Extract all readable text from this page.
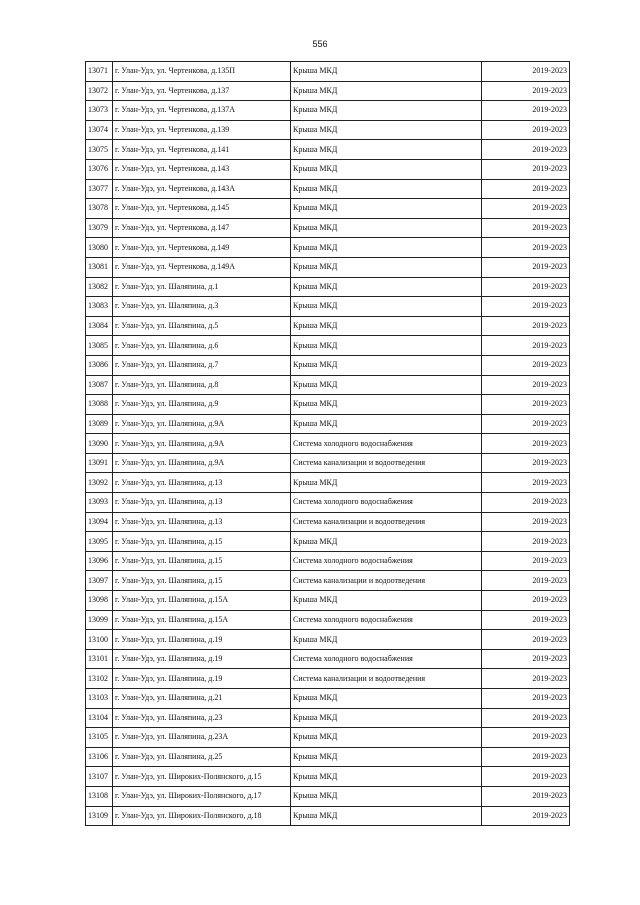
556
13071	г. Улан-Удэ, ул. Чертенкова, д.135П	Крыша МКД	2019-2023
13072	г. Улан-Удэ, ул. Чертенкова, д.137	Крыша МКД	2019-2023
13073	г. Улан-Удэ, ул. Чертенкова, д.137А	Крыша МКД	2019-2023
13074	г. Улан-Удэ, ул. Чертенкова, д.139	Крыша МКД	2019-2023
13075	г. Улан-Удэ, ул. Чертенкова, д.141	Крыша МКД	2019-2023
13076	г. Улан-Удэ, ул. Чертенкова, д.143	Крыша МКД	2019-2023
13077	г. Улан-Удэ, ул. Чертенкова, д.143А	Крыша МКД	2019-2023
13078	г. Улан-Удэ, ул. Чертенкова, д.145	Крыша МКД	2019-2023
13079	г. Улан-Удэ, ул. Чертенкова, д.147	Крыша МКД	2019-2023
13080	г. Улан-Удэ, ул. Чертенкова, д.149	Крыша МКД	2019-2023
13081	г. Улан-Удэ, ул. Чертенкова, д.149А	Крыша МКД	2019-2023
13082	г. Улан-Удэ, ул. Шаляпина, д.1	Крыша МКД	2019-2023
13083	г. Улан-Удэ, ул. Шаляпина, д.3	Крыша МКД	2019-2023
13084	г. Улан-Удэ, ул. Шаляпина, д.5	Крыша МКД	2019-2023
13085	г. Улан-Удэ, ул. Шаляпина, д.6	Крыша МКД	2019-2023
13086	г. Улан-Удэ, ул. Шаляпина, д.7	Крыша МКД	2019-2023
13087	г. Улан-Удэ, ул. Шаляпина, д.8	Крыша МКД	2019-2023
13088	г. Улан-Удэ, ул. Шаляпина, д.9	Крыша МКД	2019-2023
13089	г. Улан-Удэ, ул. Шаляпина, д.9А	Крыша МКД	2019-2023
13090	г. Улан-Удэ, ул. Шаляпина, д.9А	Система холодного водоснабжения	2019-2023
13091	г. Улан-Удэ, ул. Шаляпина, д.9А	Система канализации и водоотведения	2019-2023
13092	г. Улан-Удэ, ул. Шаляпина, д.13	Крыша МКД	2019-2023
13093	г. Улан-Удэ, ул. Шаляпина, д.13	Система холодного водоснабжения	2019-2023
13094	г. Улан-Удэ, ул. Шаляпина, д.13	Система канализации и водоотведения	2019-2023
13095	г. Улан-Удэ, ул. Шаляпина, д.15	Крыша МКД	2019-2023
13096	г. Улан-Удэ, ул. Шаляпина, д.15	Система холодного водоснабжения	2019-2023
13097	г. Улан-Удэ, ул. Шаляпина, д.15	Система канализации и водоотведения	2019-2023
13098	г. Улан-Удэ, ул. Шаляпина, д.15А	Крыша МКД	2019-2023
13099	г. Улан-Удэ, ул. Шаляпина, д.15А	Система холодного водоснабжения	2019-2023
13100	г. Улан-Удэ, ул. Шаляпина, д.19	Крыша МКД	2019-2023
13101	г. Улан-Удэ, ул. Шаляпина, д.19	Система холодного водоснабжения	2019-2023
13102	г. Улан-Удэ, ул. Шаляпина, д.19	Система канализации и водоотведения	2019-2023
13103	г. Улан-Удэ, ул. Шаляпина, д.21	Крыша МКД	2019-2023
13104	г. Улан-Удэ, ул. Шаляпина, д.23	Крыша МКД	2019-2023
13105	г. Улан-Удэ, ул. Шаляпина, д.23А	Крыша МКД	2019-2023
13106	г. Улан-Удэ, ул. Шаляпина, д.25	Крыша МКД	2019-2023
13107	г. Улан-Удэ, ул. Широких-Полянского, д.15	Крыша МКД	2019-2023
13108	г. Улан-Удэ, ул. Широких-Полянского, д.17	Крыша МКД	2019-2023
13109	г. Улан-Удэ, ул. Широких-Полянского, д.18	Крыша МКД	2019-2023
